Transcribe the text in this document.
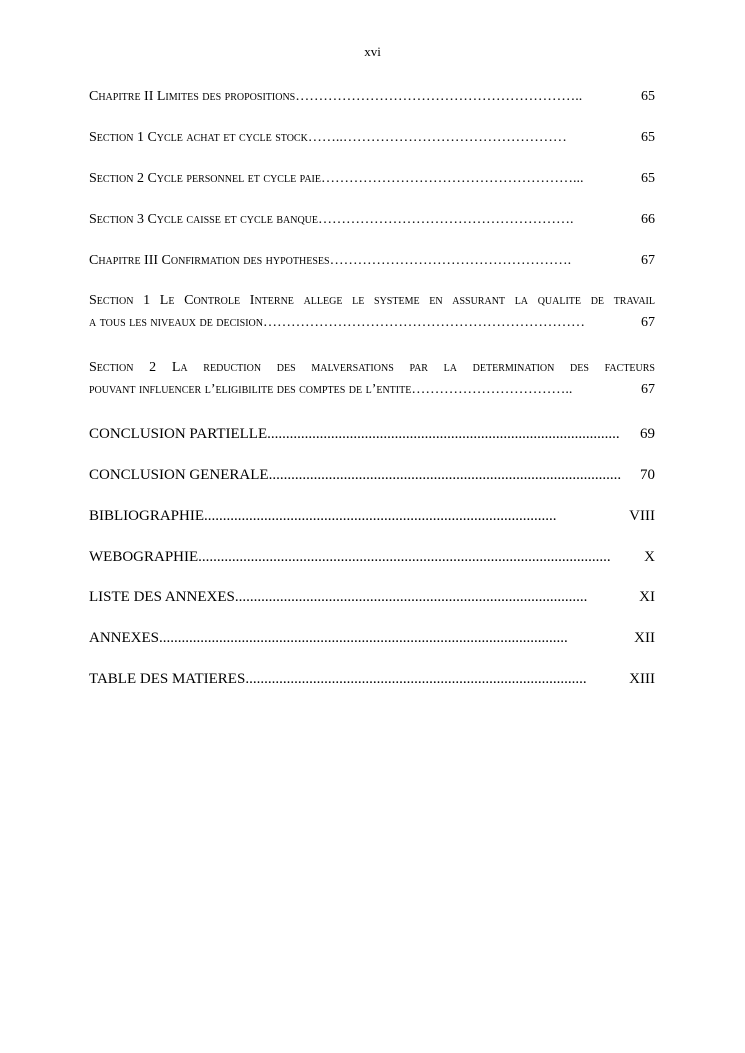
xvi
Chapitre II Limites des propositions ……………………………………………………..	65
Section 1 Cycle achat et cycle stock…….. …………………………………………	65
Section 2 Cycle personnel et cycle paie ………………………………………………...	65
Section 3 Cycle caisse et cycle banque ……………………………………………….	66
Chapitre III Confirmation des hypotheses …………………………………………….	67
Section 1 Le Controle Interne allege le systeme en assurant la qualite de travail
a tous les niveaux de decision ……………………………………………………………	67
Section 2 La reduction des malversations par la determination des facteurs
pouvant influencer l’eligibilite des comptes de l’entite ……………………………..	67
CONCLUSION PARTIELLE ..............................................................................................	69
CONCLUSION GENERALE ..............................................................................................	70
BIBLIOGRAPHIE ..............................................................................................	VIII
WEBOGRAPHIE ..............................................................................................................	X
LISTE DES ANNEXES ..............................................................................................	XI
ANNEXES .............................................................................................................	XII
TABLE DES MATIERES ...........................................................................................	XIII
